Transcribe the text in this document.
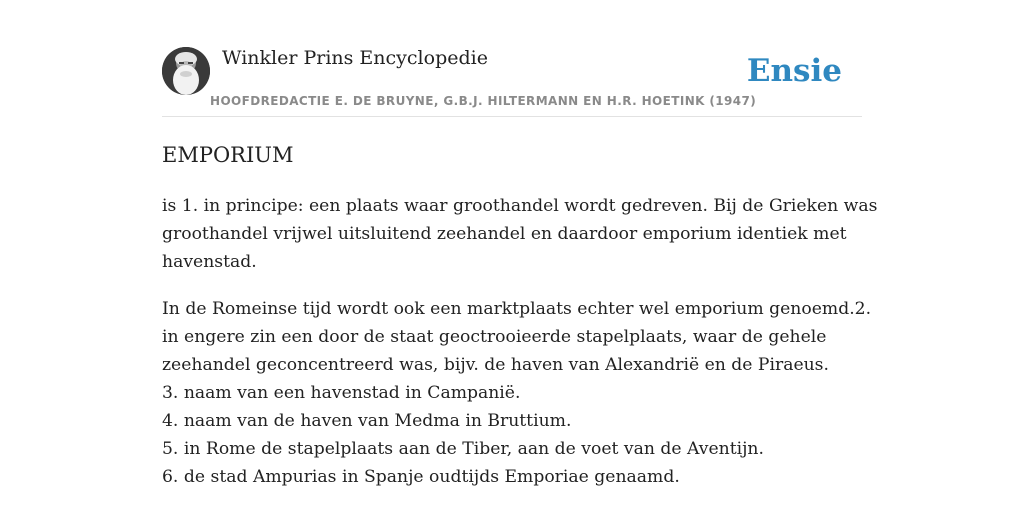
Winkler Prins Encyclopedie
HOOFDREDACTIE E. DE BRUYNE, G.B.J. HILTERMANN EN H.R. HOETINK (1947)
Ensie
EMPORIUM
is 1. in principe: een plaats waar groothandel wordt gedreven. Bij de Grieken was
groothandel vrijwel uitsluitend zeehandel en daardoor emporium identiek met
havenstad.
In de Romeinse tijd wordt ook een marktplaats echter wel emporium genoemd.2.
in engere zin een door de staat geoctrooieerde stapelplaats, waar de gehele
zeehandel geconcentreerd was, bijv. de haven van Alexandrië en de Piraeus.
3. naam van een havenstad in Campanië.
4. naam van de haven van Medma in Bruttium.
5. in Rome de stapelplaats aan de Tiber, aan de voet van de Aventijn.
6. de stad Ampurias in Spanje oudtijds Emporiae genaamd.
